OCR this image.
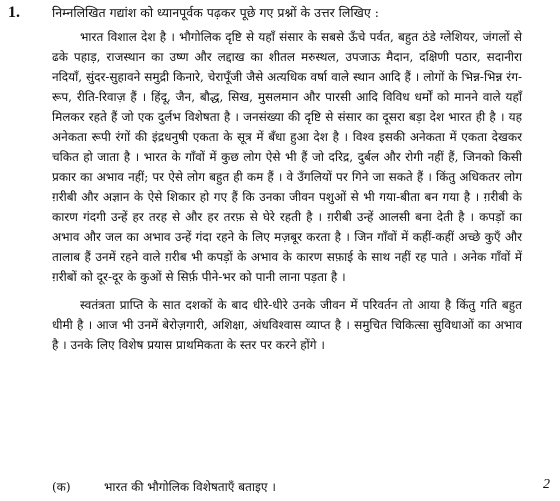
1.	निम्नलिखित गद्यांश को ध्यानपूर्वक पढ़कर पूछे गए प्रश्नों के उत्तर लिखिए :

भारत विशाल देश है । भौगोलिक दृष्टि से यहाँ संसार के सबसे ऊँचे पर्वत, बहुत ठंडे ग्लेशियर, जंगलों से ढके पहाड़, राजस्थान का उष्ण और लद्दाख का शीतल मरुस्थल, उपजाऊ मैदान, दक्षिणी पठार, सदानीरा नदियाँ, सुंदर-सुहावने समुद्री किनारे, चेरापूँजी जैसे अत्यधिक वर्षा वाले स्थान आदि हैं । लोगों के भिन्न-भिन्न रंग-रूप, रीति-रिवाज़ हैं । हिंदू, जैन, बौद्ध, सिख, मुसलमान और पारसी आदि विविध धर्मों को मानने वाले यहाँ मिलकर रहते हैं जो एक दुर्लभ विशेषता है । जनसंख्या की दृष्टि से संसार का दूसरा बड़ा देश भारत ही है । यह अनेकता रूपी रंगों की इंद्रधनुषी एकता के सूत्र में बँधा हुआ देश है । विश्व इसकी अनेकता में एकता देखकर चकित हो जाता है । भारत के गाँवों में कुछ लोग ऐसे भी हैं जो दरिद्र, दुर्बल और रोगी नहीं हैं, जिनको किसी प्रकार का अभाव नहीं; पर ऐसे लोग बहुत ही कम हैं । वे उँगलियों पर गिने जा सकते हैं । किंतु अधिकतर लोग ग़रीबी और अज्ञान के ऐसे शिकार हो गए हैं कि उनका जीवन पशुओं से भी गया-बीता बन गया है । ग़रीबी के कारण गंदगी उन्हें हर तरह से और हर तरफ़ से घेरे रहती है । ग़रीबी उन्हें आलसी बना देती है । कपड़ों का अभाव और जल का अभाव उन्हें गंदा रहने के लिए मज़बूर करता है । जिन गाँवों में कहीं-कहीं अच्छे कुएँ और तालाब हैं उनमें रहने वाले ग़रीब भी कपड़ों के अभाव के कारण सफ़ाई के साथ नहीं रह पाते । अनेक गाँवों में ग़रीबों को दूर-दूर के कुओं से सिर्फ़ पीने-भर को पानी लाना पड़ता है ।

स्वतंत्रता प्राप्ति के सात दशकों के बाद धीरे-धीरे उनके जीवन में परिवर्तन तो आया है किंतु गति बहुत धीमी है । आज भी उनमें बेरोज़गारी, अशिक्षा, अंधविश्वास व्याप्त है । समुचित चिकित्सा सुविधाओं का अभाव है । उनके लिए विशेष प्रयास प्राथमिकता के स्तर पर करने होंगे ।

(क)	भारत की भौगोलिक विशेषताएँ बताइए ।	2
